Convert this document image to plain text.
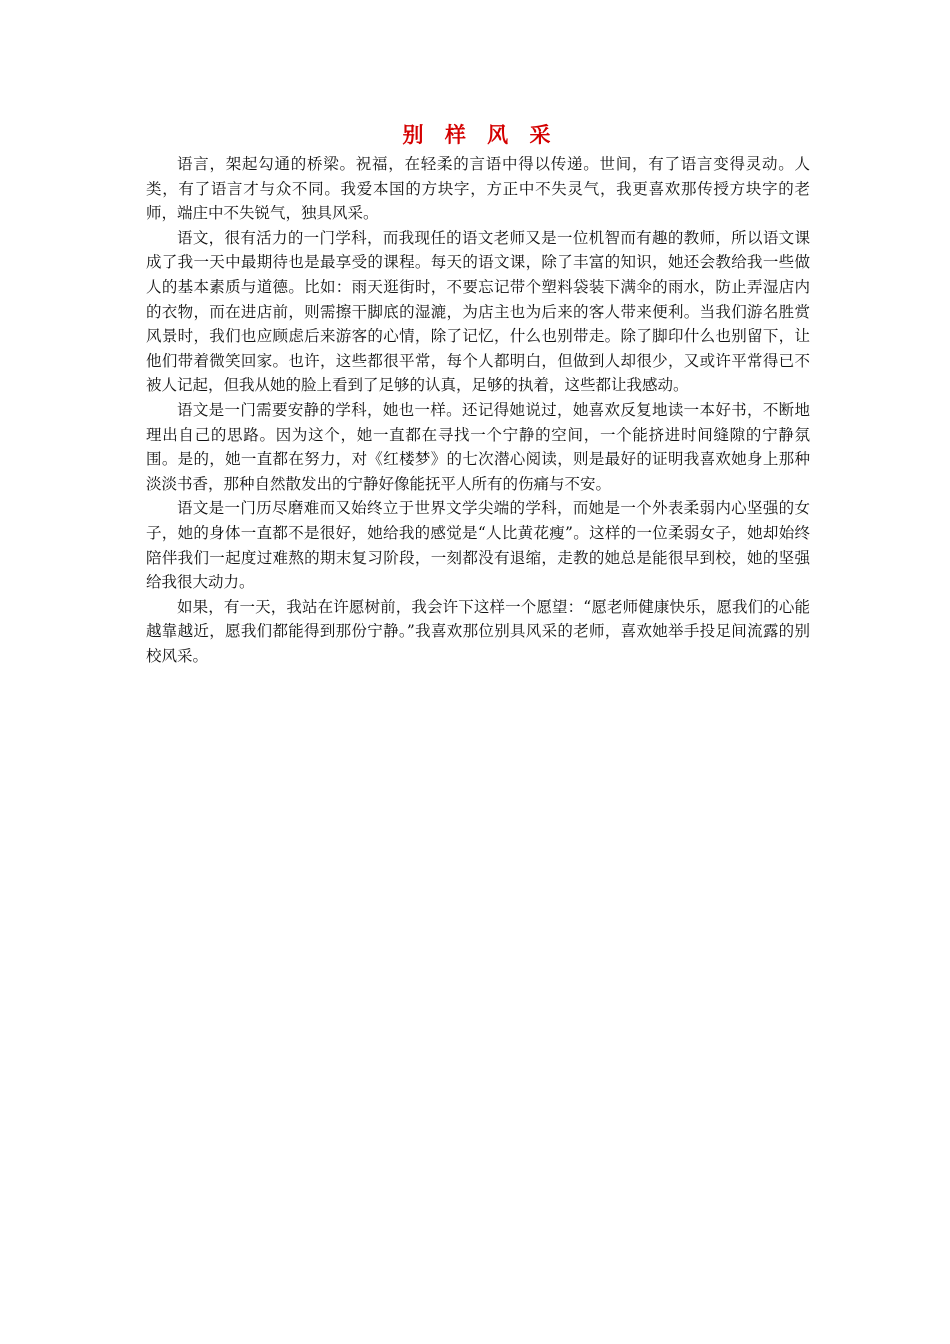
别 样 风 采

语言，架起勾通的桥梁。祝福，在轻柔的言语中得以传递。世间，有了语言变得灵动。人类，有了语言才与众不同。我爱本国的方块字，方正中不失灵气，我更喜欢那传授方块字的老师，端庄中不失锐气，独具风采。

语文，很有活力的一门学科，而我现任的语文老师又是一位机智而有趣的教师，所以语文课成了我一天中最期待也是最享受的课程。每天的语文课，除了丰富的知识，她还会教给我一些做人的基本素质与道德。比如：雨天逛街时，不要忘记带个塑料袋装下满伞的雨水，防止弄湿店内的衣物，而在进店前，则需擦干脚底的湿漉，为店主也为后来的客人带来便利。当我们游名胜赏风景时，我们也应顾虑后来游客的心情，除了记忆，什么也别带走。除了脚印什么也别留下，让他们带着微笑回家。也许，这些都很平常，每个人都明白，但做到人却很少，又或许平常得已不被人记起，但我从她的脸上看到了足够的认真，足够的执着，这些都让我感动。

语文是一门需要安静的学科，她也一样。还记得她说过，她喜欢反复地读一本好书，不断地理出自己的思路。因为这个，她一直都在寻找一个宁静的空间，一个能挤进时间缝隙的宁静氛围。是的，她一直都在努力，对《红楼梦》的七次潜心阅读，则是最好的证明我喜欢她身上那种淡淡书香，那种自然散发出的宁静好像能抚平人所有的伤痛与不安。

语文是一门历尽磨难而又始终立于世界文学尖端的学科，而她是一个外表柔弱内心坚强的女子，她的身体一直都不是很好，她给我的感觉是“人比黄花瘦”。这样的一位柔弱女子，她却始终陪伴我们一起度过难熬的期末复习阶段，一刻都没有退缩，走教的她总是能很早到校，她的坚强给我很大动力。

如果，有一天，我站在许愿树前，我会许下这样一个愿望：“愿老师健康快乐，愿我们的心能越靠越近，愿我们都能得到那份宁静。”我喜欢那位别具风采的老师，喜欢她举手投足间流露的别校风采。
